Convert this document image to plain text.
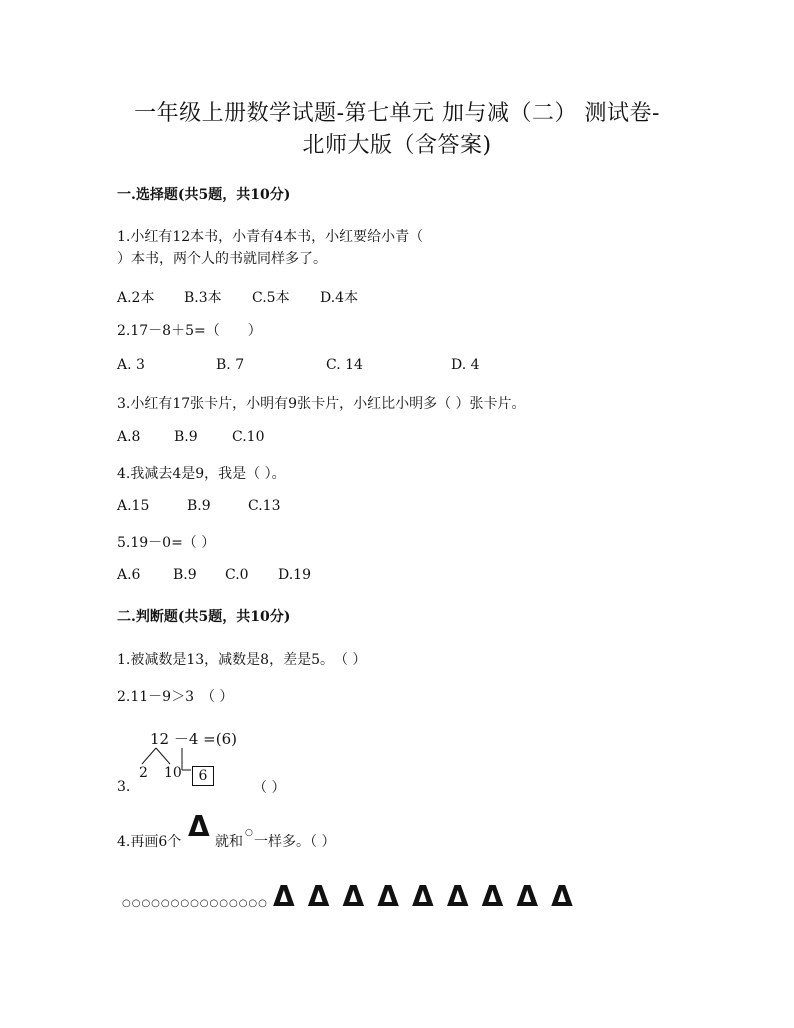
一年级上册数学试题-第七单元 加与减（二） 测试卷-
北师大版（含答案)
一.选择题(共5题，共10分)
1.小红有12本书，小青有4本书，小红要给小青（
）本书，两个人的书就同样多了。
A.2本 B.3本 C.5本 D.4本
2.17－8＋5=（　　）
A. 3	B. 7	C. 14	D. 4
3.小红有17张卡片，小明有9张卡片，小红比小明多（ ）张卡片。
A.8 B.9 C.10
4.我减去4是9，我是（ ）。
A.15	B.9	C.13
5.19－0=（ ）
A.6 B.9 C.0 D.19
二.判断题(共5题，共10分)
1.被减数是13，减数是8，差是5。　（ ）
2.11－9＞3　（ ）
12 －4 =(6)
2 10	6
3.	（ ）
4.再画6个 Δ 就和
○
一样多。（ ）
○○○○○○○○○○○○○○○ Δ Δ Δ Δ Δ Δ Δ Δ Δ
